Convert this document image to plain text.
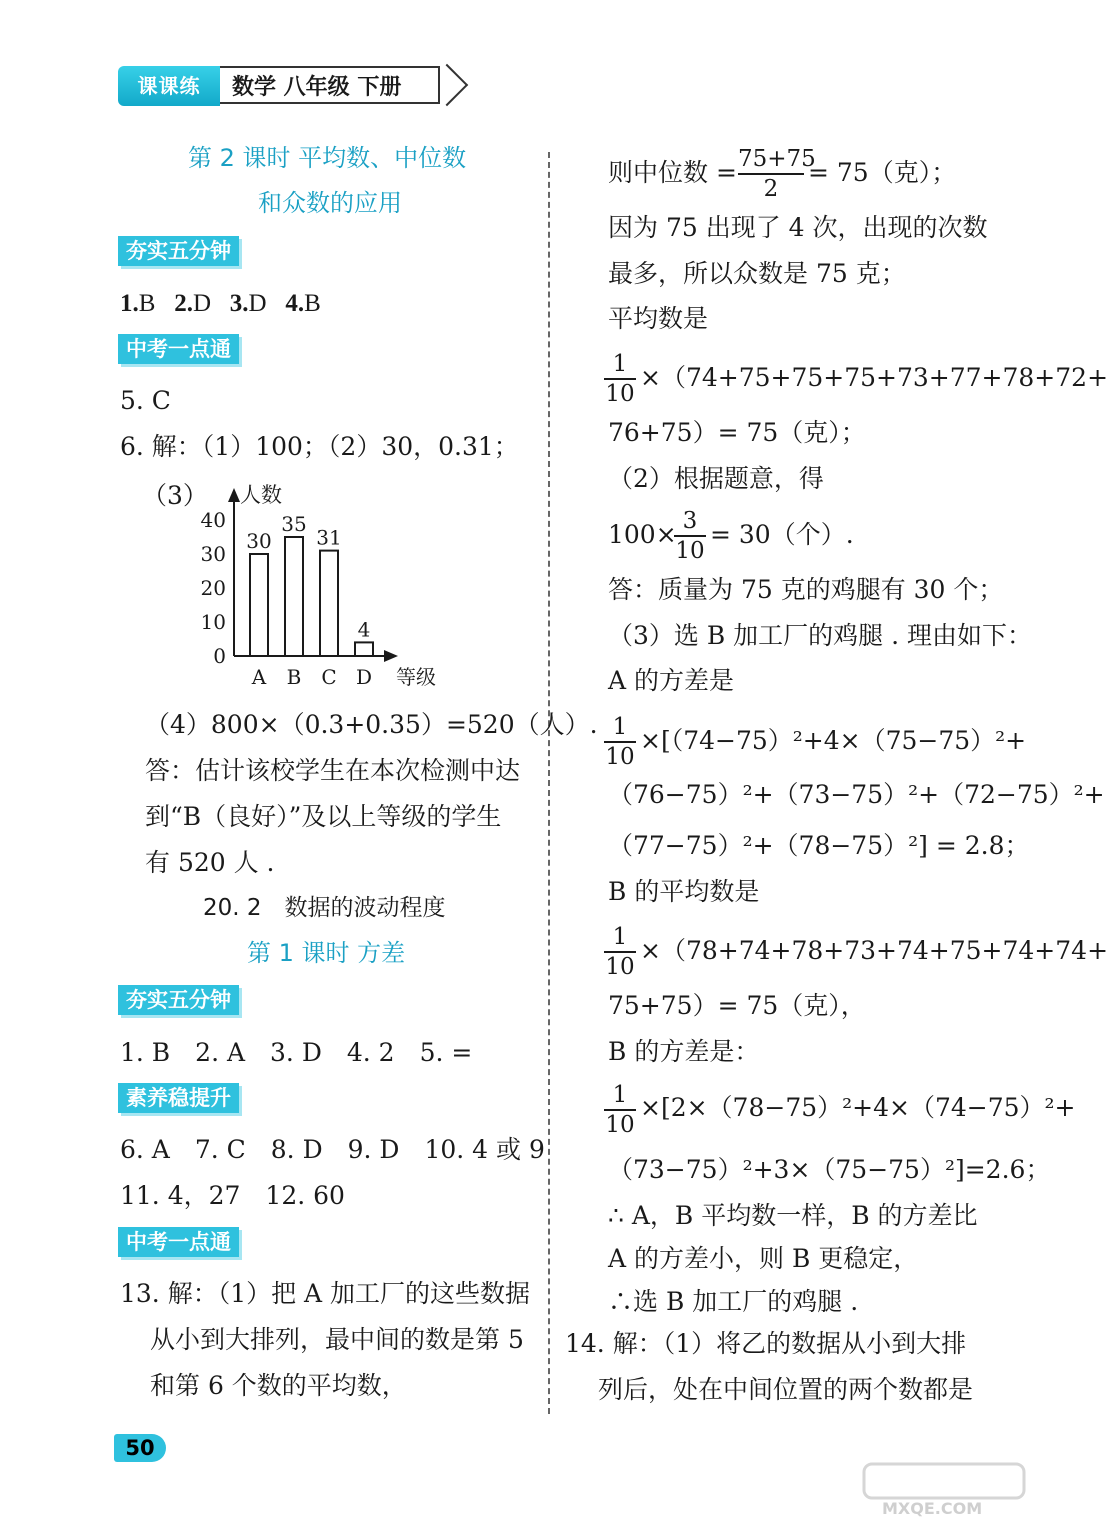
课课练	数学 八年级 下册
第 2 课时 平均数、中位数
和众数的应用
夯实五分钟
1.B 2.D 3.D 4.B
中考一点通
5. C
6. 解：（1）100；（2）30，0.31；
（3） 人数
等级
0
10
20
30
40
30
A
35
B
31
C
4
D
（4）800×（0.3+0.35）=520（人）.
答：估计该校学生在本次检测中达
到“B（良好）”及以上等级的学生
有 520 人 .
20. 2　数据的波动程度
第 1 课时 方差
夯实五分钟
1. B　2. A　3. D　4. 2　5. =
素养稳提升
6. A　7. C　8. D　9. D　10. 4 或 9
11. 4，27　12. 60
中考一点通
13. 解：（1）把 A 加工厂的这些数据
从小到大排列，最中间的数是第 5
和第 6 个数的平均数，
则中位数 = 75+75
2
= 75（克）；
因为 75 出现了 4 次，出现的次数
最多，所以众数是 75 克；
平均数是
1
10
×（74+75+75+75+73+77+78+72+
76+75）= 75（克）；
（2）根据题意，得
100× 3
10
= 30（个）.
答：质量为 75 克的鸡腿有 30 个；
（3）选 B 加工厂的鸡腿 . 理由如下：
A 的方差是
1
10
×[（74−75）²+4×（75−75）²+
（76−75）²+（73−75）²+（72−75）²+
（77−75）²+（78−75）²] = 2.8；
B 的平均数是
1
10
×（78+74+78+73+74+75+74+74+
75+75）= 75（克），
B 的方差是：
1
10
×[2×（78−75）²+4×（74−75）²+
（73−75）²+3×（75−75）²]=2.6；
∴ A，B 平均数一样，B 的方差比
A 的方差小，则 B 更稳定，
∴选 B 加工厂的鸡腿 .
14. 解：（1）将乙的数据从小到大排
列后，处在中间位置的两个数都是
50
MXQE.COM
